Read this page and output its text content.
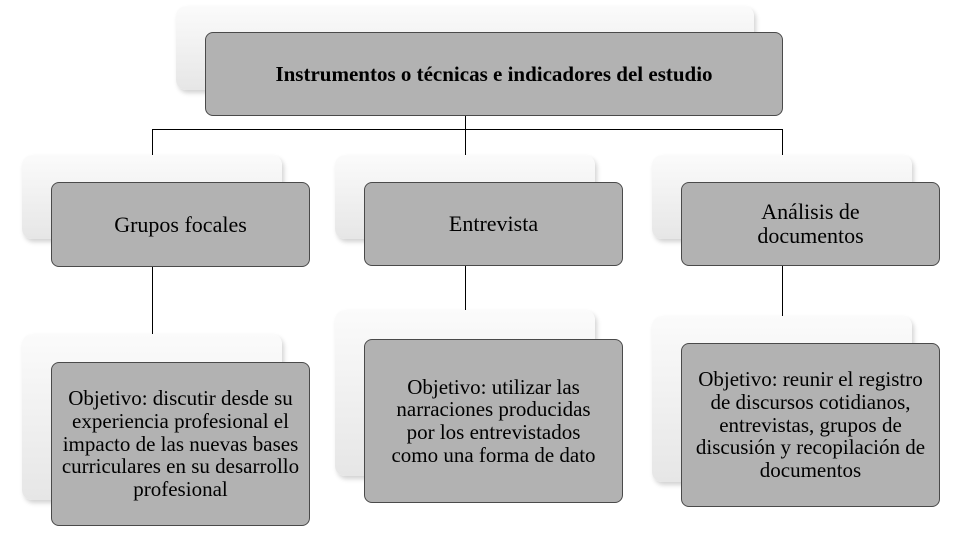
Instrumentos o técnicas e indicadores del estudio
Grupos focales	Entrevista	Análisis de documentos
Objetivo: discutir desde su experiencia profesional el impacto de las nuevas bases curriculares en su desarrollo profesional
Objetivo: utilizar las narraciones producidas por los entrevistados como una forma de dato
Objetivo: reunir el registro de discursos cotidianos, entrevistas, grupos de discusión y recopilación de documentos
